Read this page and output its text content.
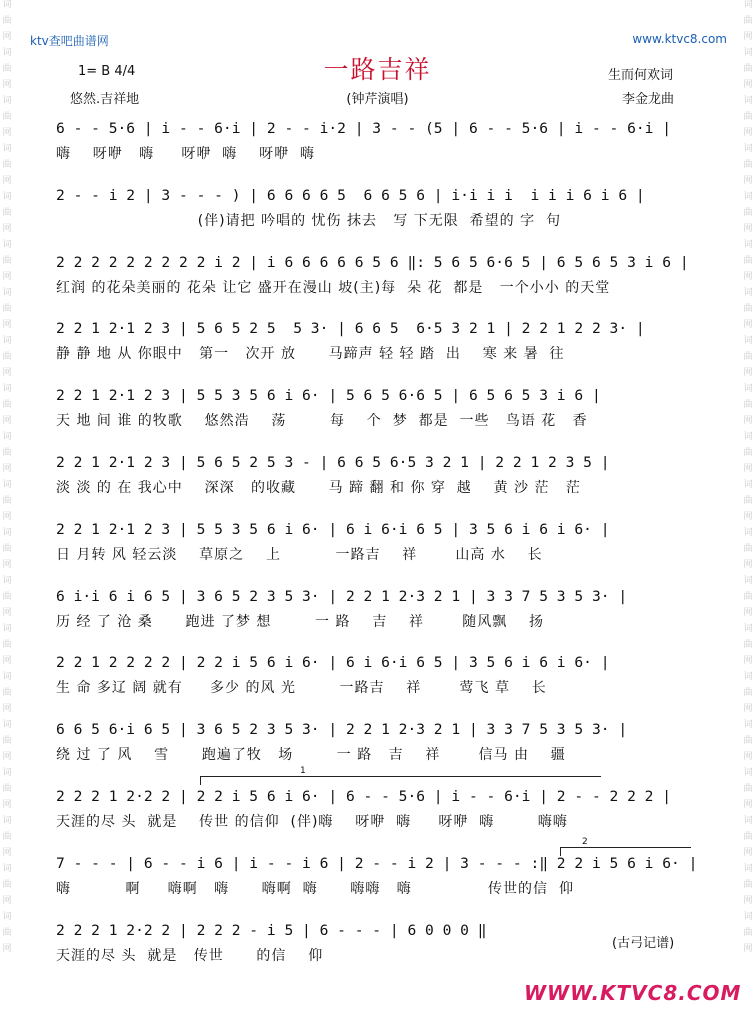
词
曲
网
词
曲
网
词
曲
网
词
曲
网
词
曲
网
词
曲
网
词
曲
网
词
曲
网
词
曲
网
词
曲
网
词
曲
网
词
曲
网
词
曲
网
词
曲
网
词
曲
网
词
曲
网
词
曲
网
词
曲
网
词
曲
网
词
曲
网
词
曲
网
词
曲
网
词
曲
网
词
曲
网
词
曲
网
词
曲
网
词
曲
网
词
曲
网
词
曲
网
词
曲
网
词
曲
网
词
曲
网
词
曲
网
词
曲
网
词
曲
网
词
曲
网
词
曲
网
词
曲
网
词
曲
网
词
曲
网
ktv查吧曲谱网	www.ktvc8.com
一路吉祥
(钟芹演唱)
1= B 4/4
悠然.吉祥地
生而何欢词
李金龙曲
6 - - 5·6 | i - - 6·i | 2 - - i·2 | 3 - - (5 | 6 - - 5·6 | i - - 6·i |
嗨    呀咿   嗨     呀咿  嗨    呀咿  嗨
2 - - i 2 | 3 - - - ) | 6 6 6 6 5  6 6 5 6 | i·i i i  i i i 6 i 6 |
(伴)请把 吟唱的 忧伤 抹去   写 下无限  希望的 字  句
2 2 2 2 2 2 2 2 2 i 2 | i 6 6 6 6 6 5 6 ‖: 5 6 5 6·6 5 | 6 5 6 5 3 i 6 |
红润 的花朵美丽的 花朵 让它 盛开在漫山 坡(主)每  朵 花  都是   一个小小 的天堂
2 2 1 2·1 2 3 | 5 6 5 2 5  5 3· | 6 6 5  6·5 3 2 1 | 2 2 1 2 2 3· |
静 静 地 从 你眼中   第一   次开 放      马蹄声 轻 轻 踏  出    寒 来 暑  往
2 2 1 2·1 2 3 | 5 5 3 5 6 i 6· | 5 6 5 6·6 5 | 6 5 6 5 3 i 6 |
天 地 间 谁 的牧歌    悠然浩    荡        每    个  梦  都是  一些   鸟语 花   香
2 2 1 2·1 2 3 | 5 6 5 2 5 3 - | 6 6 5 6·5 3 2 1 | 2 2 1 2 3 5 |
淡 淡 的 在 我心中    深深   的收藏      马 蹄 翻 和 你 穿  越    黄 沙 茫   茫
2 2 1 2·1 2 3 | 5 5 3 5 6 i 6· | 6 i 6·i 6 5 | 3 5 6 i 6 i 6· |
日 月转 风 轻云淡    草原之    上          一路吉    祥       山高 水    长
6 i·i 6 i 6 5 | 3 6 5 2 3 5 3· | 2 2 1 2·3 2 1 | 3 3 7 5 3 5 3· |
历 经 了 沧 桑      跑进 了梦 想        一 路    吉    祥       随风飘    扬
2 2 1 2 2 2 2 | 2 2 i 5 6 i 6· | 6 i 6·i 6 5 | 3 5 6 i 6 i 6· |
生 命 多辽 阔 就有     多少 的风 光        一路吉    祥       莺飞 草    长
6 6 5 6·i 6 5 | 3 6 5 2 3 5 3· | 2 2 1 2·3 2 1 | 3 3 7 5 3 5 3· |
绕 过 了 风    雪      跑遍了牧   场        一 路   吉    祥       信马 由    疆
2 2 2 1 2·2 2 | 2 2 i 5 6 i 6· | 6 - - 5·6 | i - - 6·i | 2 - - 2 2 2 |
天涯的尽 头  就是    传世 的信仰  (伴)嗨    呀咿  嗨     呀咿  嗨        嗨嗨
7 - - - | 6 - - i 6 | i - - i 6 | 2 - - i 2 | 3 - - - :‖ 2 2 i 5 6 i 6· |
嗨          啊     嗨啊   嗨      嗨啊  嗨      嗨嗨   嗨              传世的信  仰
2 2 2 1 2·2 2 | 2 2 2 - i 5 | 6 - - - | 6 0 0 0 ‖
天涯的尽 头  就是   传世      的信    仰
1
2
(古弓记谱)
WWW.KTVC8.COM
